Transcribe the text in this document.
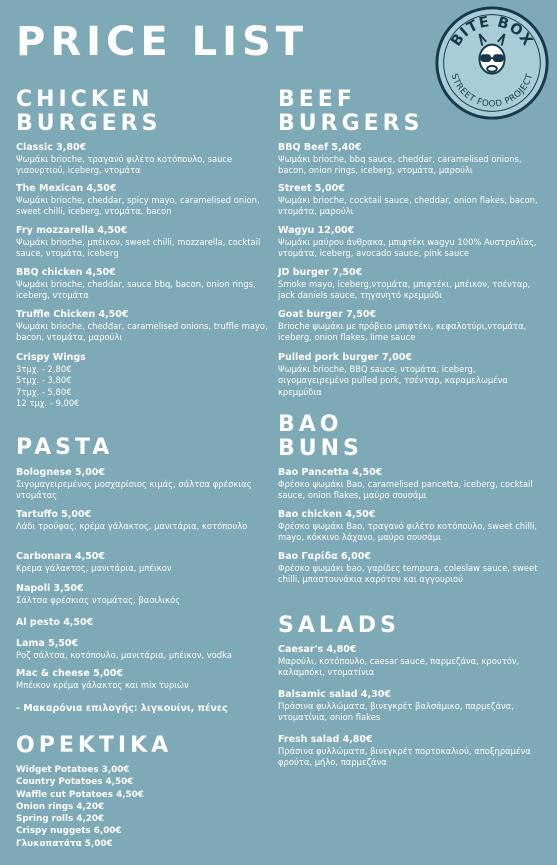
PRICE LIST	BITE BOX
STREET FOOD PROJECT
CHICKEN
BURGERS
Classic 3,80€
Ψωμάκι brioche, τραγανό φιλέτο κοτόπουλο, sauce γιαουρτιού, iceberg, ντομάτα
The Mexican 4,50€
Ψωμάκι brioche, cheddar, spicy mayo, caramelised onion, sweet chilli, iceberg, ντομάτα, bacon
Fry mozzarella 4,50€
Ψωμάκι brioche, μπέικον, sweet chilli, mozzarella, cocktail sauce, ντομάτα, iceberg
BBQ chicken 4,50€
Ψωμάκι brioche, cheddar, sauce bbq, bacon, onion rings, iceberg, ντομάτα
Truffle Chicken 4,50€
Ψωμάκι brioche, cheddar, caramelised onions, truffle mayo, bacon, ντομάτα, μαρούλι
Crispy Wings
3τμχ. - 2,80€
5τμχ. - 3,80€
7τμχ. - 5,80€
12 τμχ. - 9,00€
PASTA
Bolognese 5,00€
Σιγομαγειρεμένος μοσχαρίσιος κιμάς, σάλτσα φρέσκιας ντομάτας
Tartuffo 5,00€
Λάδι τρούφας, κρέμα γάλακτος, μανιτάρια, κοτόπουλο
Carbonara 4,50€
Κρέμα γάλακτος, μανιτάρια, μπέικον
Napoli 3,50€
Σάλτσα φρέσκιας ντομάτας, βασιλικός
Al pesto 4,50€
Lama 5,50€
Ροζ σάλτσα, κοτόπουλο, μανιτάρια, μπέικον, vodka
Mac & cheese 5,00€
Μπέικον κρέμα γάλακτος και mix τυριών
- Μακαρόνια επιλογής: λιγκουίνι, πένες
ΟΡΕΚΤΙΚΑ
Widget Potatoes 3,00€
Country Potatoes 4,50€
Waffle cut Potatoes 4,50€
Onion rings 4,20€
Spring rolls 4,20€
Crispy nuggets 6,00€
Γλυκοπατάτα 5,00€
BEEF
BURGERS
BBQ Beef 5,40€
Ψωμάκι brioche, bbq sauce, cheddar, caramelised onions, bacon, onion rings, iceberg, ντομάτα, μαρούλι
Street 5,00€
Ψωμάκι brioche, cocktail sauce, cheddar, onion flakes, bacon, ντομάτα, μαρούλι
Wagyu 12,00€
Ψωμάκι μαύρου άνθρακα, μπιφτέκι wagyu 100% Αυστραλίας, ντομάτα, iceberg, avocado sauce, pink sauce
JD burger 7,50€
Smoke mayo, iceberg,ντομάτα, μπιφτέκι, μπέικον, τσένταρ, jack daniels sauce, τηγανητό κρεμμύδι
Goat burger 7,50€
Brioche ψωμάκι με πρόβειο μπιφτέκι, κεφαλοτύρι,ντομάτα, iceberg, onion flakes, lime sauce
Pulled pork burger 7,00€
Ψωμάκι brioche, BBQ sauce, ντομάτα, iceberg, σιγομαγειρεμένο pulled pork, τσένταρ, καραμελωμένα κρεμμύδια
BAO
BUNS
Bao Pancetta 4,50€
Φρέσκο ψωμάκι Bao, caramelised pancetta, iceberg, cocktail sauce, onion flakes, μαύρο σουσάμι
Bao chicken 4,50€
Φρέσκο ψωμάκι Bao, τραγανό φιλέτο κοτόπουλο, sweet chilli, mayo, κόκκινο λάχανο, μαύρο σουσάμι
Bao Γαρίδα 6,00€
Φρέσκο ψωμάκι bao, γαρίδες tempura, coleslaw sauce, sweet chilli, μπαστουνάκια καρότου και αγγουριού
SALADS
Caesar's 4,80€
Μαρούλι, κοτόπουλο, caesar sauce, παρμεζάνα, κρουτόν, καλαμπόκι, ντοματίνια
Balsamic salad 4,30€
Πράσινα φυλλώματα, βινεγκρέτ βαλσάμικο, παρμεζάνα, ντοματίνια, onion flakes
Fresh salad 4,80€
Πράσινα φυλλώματα, βινεγκρέτ πορτοκαλιού, αποξηραμένα φρούτα, μήλο, παρμεζάνα
